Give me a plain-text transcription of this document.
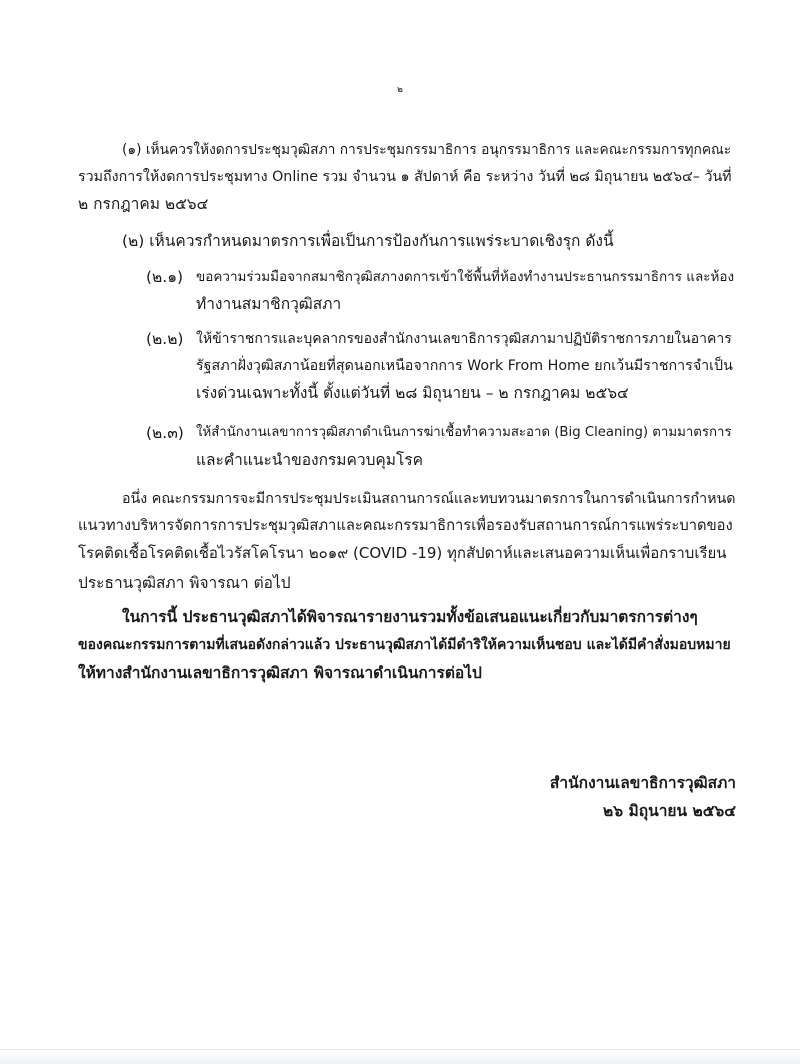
๒
(๑) เห็นควรให้งดการประชุมวุฒิสภา การประชุมกรรมาธิการ อนุกรรมาธิการ และคณะกรรมการทุกคณะ
รวมถึงการให้งดการประชุมทาง Online รวม จำนวน ๑ สัปดาห์ คือ ระหว่าง วันที่ ๒๘ มิถุนายน ๒๕๖๔– วันที่
๒ กรกฎาคม ๒๕๖๔
(๒) เห็นควรกำหนดมาตรการเพื่อเป็นการป้องกันการแพร่ระบาดเชิงรุก ดังนี้
(๒.๑) ขอความร่วมมือจากสมาชิกวุฒิสภางดการเข้าใช้พื้นที่ห้องทำงานประธานกรรมาธิการ และห้อง
ทำงานสมาชิกวุฒิสภา
(๒.๒) ให้ข้าราชการและบุคลากรของสำนักงานเลขาธิการวุฒิสภามาปฏิบัติราชการภายในอาคาร
รัฐสภาฝั่งวุฒิสภาน้อยที่สุดนอกเหนือจากการ Work From Home ยกเว้นมีราชการจำเป็น
เร่งด่วนเฉพาะทั้งนี้ ตั้งแต่วันที่ ๒๘ มิถุนายน – ๒ กรกฎาคม ๒๕๖๔
(๒.๓) ให้สำนักงานเลขาการวุฒิสภาดำเนินการฆ่าเชื้อทำความสะอาด (Big Cleaning) ตามมาตรการ
และคำแนะนำของกรมควบคุมโรค
อนึ่ง คณะกรรมการจะมีการประชุมประเมินสถานการณ์และทบทวนมาตรการในการดำเนินการกำหนด
แนวทางบริหารจัดการการประชุมวุฒิสภาและคณะกรรมาธิการเพื่อรองรับสถานการณ์การแพร่ระบาดของ
โรคติดเชื้อโรคติดเชื้อไวรัสโคโรนา ๒๐๑๙ (COVID -19) ทุกสัปดาห์และเสนอความเห็นเพื่อกราบเรียน
ประธานวุฒิสภา พิจารณา ต่อไป
ในการนี้ ประธานวุฒิสภาได้พิจารณารายงานรวมทั้งข้อเสนอแนะเกี่ยวกับมาตรการต่างๆ
ของคณะกรรมการตามที่เสนอดังกล่าวแล้ว ประธานวุฒิสภาได้มีดำริให้ความเห็นชอบ และได้มีคำสั่งมอบหมาย
ให้ทางสำนักงานเลขาธิการวุฒิสภา พิจารณาดำเนินการต่อไป
สำนักงานเลขาธิการวุฒิสภา
๒๖ มิถุนายน ๒๕๖๔
